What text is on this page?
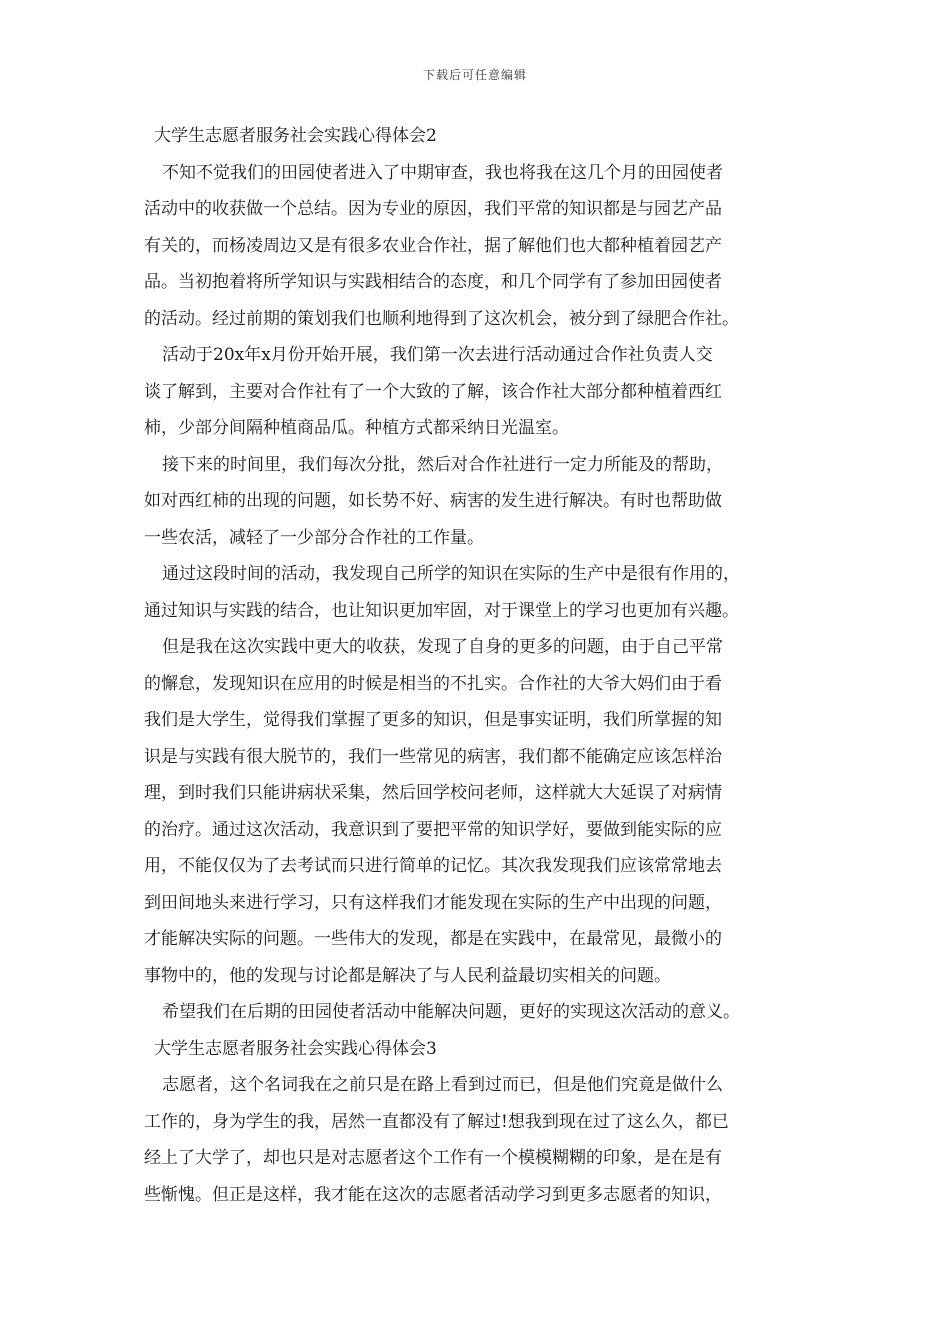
下载后可任意编辑
大学生志愿者服务社会实践心得体会2

不知不觉我们的田园使者进入了中期审查，我也将我在这几个月的田园使者
活动中的收获做一个总结。因为专业的原因，我们平常的知识都是与园艺产品
有关的，而杨凌周边又是有很多农业合作社，据了解他们也大都种植着园艺产
品。当初抱着将所学知识与实践相结合的态度，和几个同学有了参加田园使者
的活动。经过前期的策划我们也顺利地得到了这次机会，被分到了绿肥合作社。

活动于20x年x月份开始开展，我们第一次去进行活动通过合作社负责人交
谈了解到，主要对合作社有了一个大致的了解，该合作社大部分都种植着西红
柿，少部分间隔种植商品瓜。种植方式都采纳日光温室。

接下来的时间里，我们每次分批，然后对合作社进行一定力所能及的帮助，
如对西红柿的出现的问题，如长势不好、病害的发生进行解决。有时也帮助做
一些农活，减轻了一少部分合作社的工作量。

通过这段时间的活动，我发现自己所学的知识在实际的生产中是很有作用的，
通过知识与实践的结合，也让知识更加牢固，对于课堂上的学习也更加有兴趣。

但是我在这次实践中更大的收获，发现了自身的更多的问题，由于自己平常
的懈怠，发现知识在应用的时候是相当的不扎实。合作社的大爷大妈们由于看
我们是大学生，觉得我们掌握了更多的知识，但是事实证明，我们所掌握的知
识是与实践有很大脱节的，我们一些常见的病害，我们都不能确定应该怎样治
理，到时我们只能讲病状采集，然后回学校问老师，这样就大大延误了对病情
的治疗。通过这次活动，我意识到了要把平常的知识学好，要做到能实际的应
用，不能仅仅为了去考试而只进行简单的记忆。其次我发现我们应该常常地去
到田间地头来进行学习，只有这样我们才能发现在实际的生产中出现的问题，
才能解决实际的问题。一些伟大的发现，都是在实践中，在最常见，最微小的
事物中的，他的发现与讨论都是解决了与人民利益最切实相关的问题。

希望我们在后期的田园使者活动中能解决问题，更好的实现这次活动的意义。

大学生志愿者服务社会实践心得体会3

志愿者，这个名词我在之前只是在路上看到过而已，但是他们究竟是做什么
工作的，身为学生的我，居然一直都没有了解过!想我到现在过了这么久，都已
经上了大学了，却也只是对志愿者这个工作有一个模模糊糊的印象，是在是有
些惭愧。但正是这样，我才能在这次的志愿者活动学习到更多志愿者的知识，
